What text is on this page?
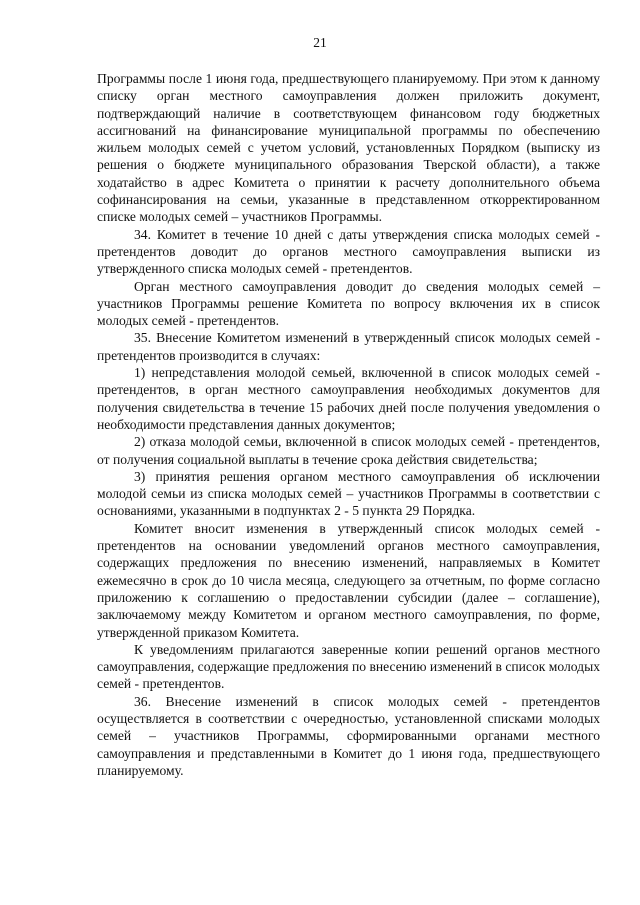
21

Программы после 1 июня года, предшествующего планируемому. При этом к данному списку орган местного самоуправления должен приложить документ, подтверждающий наличие в соответствующем финансовом году бюджетных ассигнований на финансирование муниципальной программы по обеспечению жильем молодых семей с учетом условий, установленных Порядком (выписку из решения о бюджете муниципального образования Тверской области), а также ходатайство в адрес Комитета о принятии к расчету дополнительного объема софинансирования на семьи, указанные в представленном откорректированном списке молодых семей – участников Программы.

34. Комитет в течение 10 дней с даты утверждения списка молодых семей - претендентов доводит до органов местного самоуправления выписки из утвержденного списка молодых семей - претендентов.

Орган местного самоуправления доводит до сведения молодых семей – участников Программы решение Комитета по вопросу включения их в список молодых семей - претендентов.

35. Внесение Комитетом изменений в утвержденный список молодых семей - претендентов производится в случаях:

1) непредставления молодой семьей, включенной в список молодых семей - претендентов, в орган местного самоуправления необходимых документов для получения свидетельства в течение 15 рабочих дней после получения уведомления о необходимости представления данных документов;

2) отказа молодой семьи, включенной в список молодых семей - претендентов, от получения социальной выплаты в течение срока действия свидетельства;

3) принятия решения органом местного самоуправления об исключении молодой семьи из списка молодых семей – участников Программы в соответствии с основаниями, указанными в подпунктах 2 - 5 пункта 29 Порядка.

Комитет вносит изменения в утвержденный список молодых семей - претендентов на основании уведомлений органов местного самоуправления, содержащих предложения по внесению изменений, направляемых в Комитет ежемесячно в срок до 10 числа месяца, следующего за отчетным, по форме согласно приложению к соглашению о предоставлении субсидии (далее – соглашение), заключаемому между Комитетом и органом местного самоуправления, по форме, утвержденной приказом Комитета.

К уведомлениям прилагаются заверенные копии решений органов местного самоуправления, содержащие предложения по внесению изменений в список молодых семей - претендентов.

36. Внесение изменений в список молодых семей - претендентов осуществляется в соответствии с очередностью, установленной списками молодых семей – участников Программы, сформированными органами местного самоуправления и представленными в Комитет до 1 июня года, предшествующего планируемому.
